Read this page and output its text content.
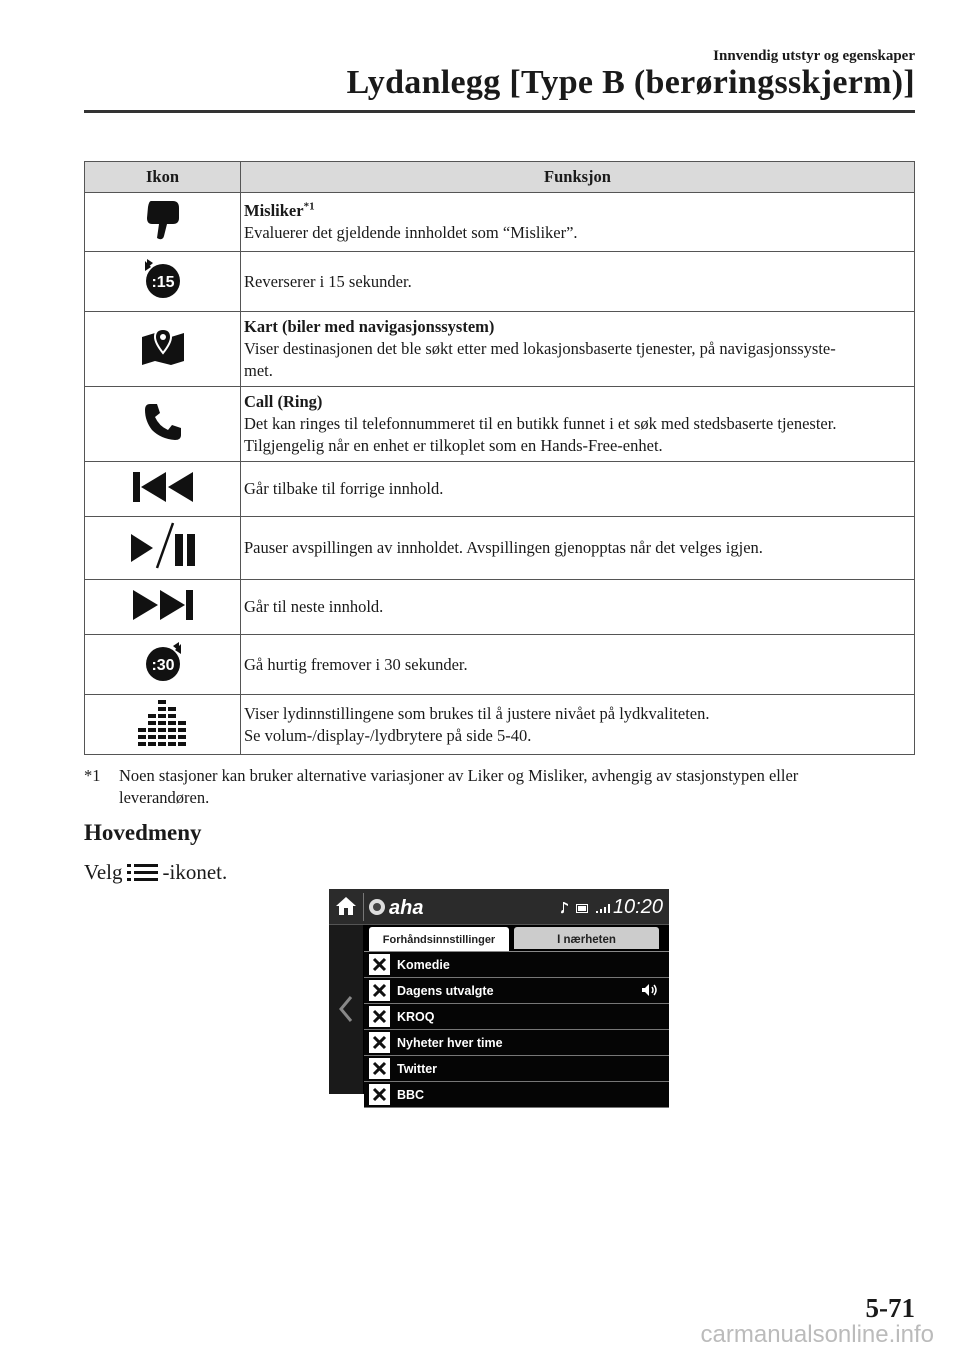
Innvendig utstyr og egenskaper
Lydanlegg [Type B (berøringsskjerm)]
Ikon	Funksjon

Misliker$^{*1}$
Evaluerer det gjeldende innholdet som “Misliker”.

:15	Reverserer i 15 sekunder.

Kart (biler med navigasjonssystem)
Viser destinasjonen det ble søkt etter med lokasjonsbaserte tjenester, på navigasjonssyste-
met.

Call (Ring)
Det kan ringes til telefonnummeret til en butikk funnet i et søk med stedsbaserte tjenester.
Tilgjengelig når en enhet er tilkoplet som en Hands-Free-enhet.

Går tilbake til forrige innhold.

Pauser avspillingen av innholdet. Avspillingen gjenopptas når det velges igjen.

Går til neste innhold.

:30	Gå hurtig fremover i 30 sekunder.

Viser lydinnstillingene som brukes til å justere nivået på lydkvaliteten.
Se volum-/display-/lydbrytere på side 5-40.
*1 Noen stasjoner kan bruker alternative variasjoner av Liker og Misliker, avhengig av stasjonstypen eller
leverandøren.
Hovedmeny
Velg -ikonet.
aha	10:20
Forhåndsinnstillinger	I nærheten
Komedie
Dagens utvalgte
KROQ
Nyheter hver time
Twitter
BBC
5-71
carmanualsonline.info
